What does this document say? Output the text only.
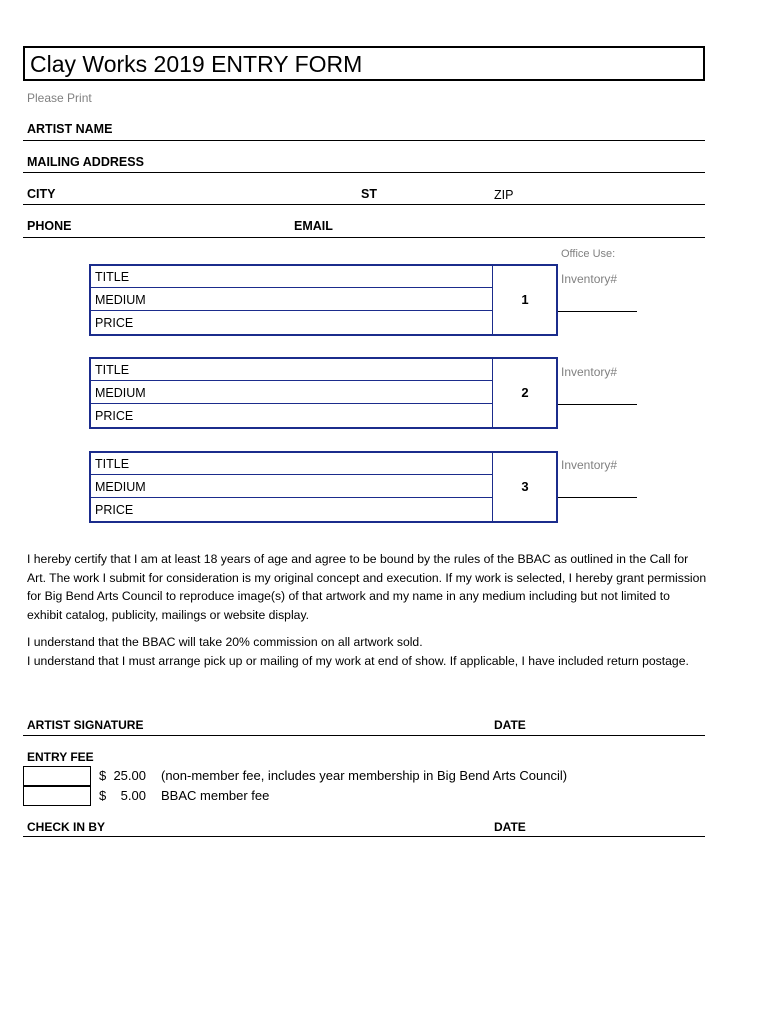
Clay Works 2019 ENTRY FORM
Please Print
ARTIST NAME
MAILING ADDRESS
CITY	ST	ZIP
PHONE	EMAIL
Office Use:
TITLE
MEDIUM
PRICE
1
Inventory#
TITLE
MEDIUM
PRICE
2
Inventory#
TITLE
MEDIUM
PRICE
3
Inventory#
I hereby certify that I am at least 18 years of age and agree to be bound by the rules of the BBAC as outlined in the Call for Art. The work I submit for consideration is my original concept and execution. If my work is selected, I hereby grant permission for Big Bend Arts Council to reproduce image(s) of that artwork and my name in any medium including but not limited to exhibit catalog, publicity, mailings or website display.
I understand that the BBAC will take 20% commission on all artwork sold.
I understand that I must arrange pick up or mailing of my work at end of show. If applicable, I have included return postage.
ARTIST SIGNATURE	DATE
ENTRY FEE
$  25.00 (non-member fee, includes year membership in Big Bend Arts Council)
$    5.00 BBAC member fee
CHECK IN BY	DATE
